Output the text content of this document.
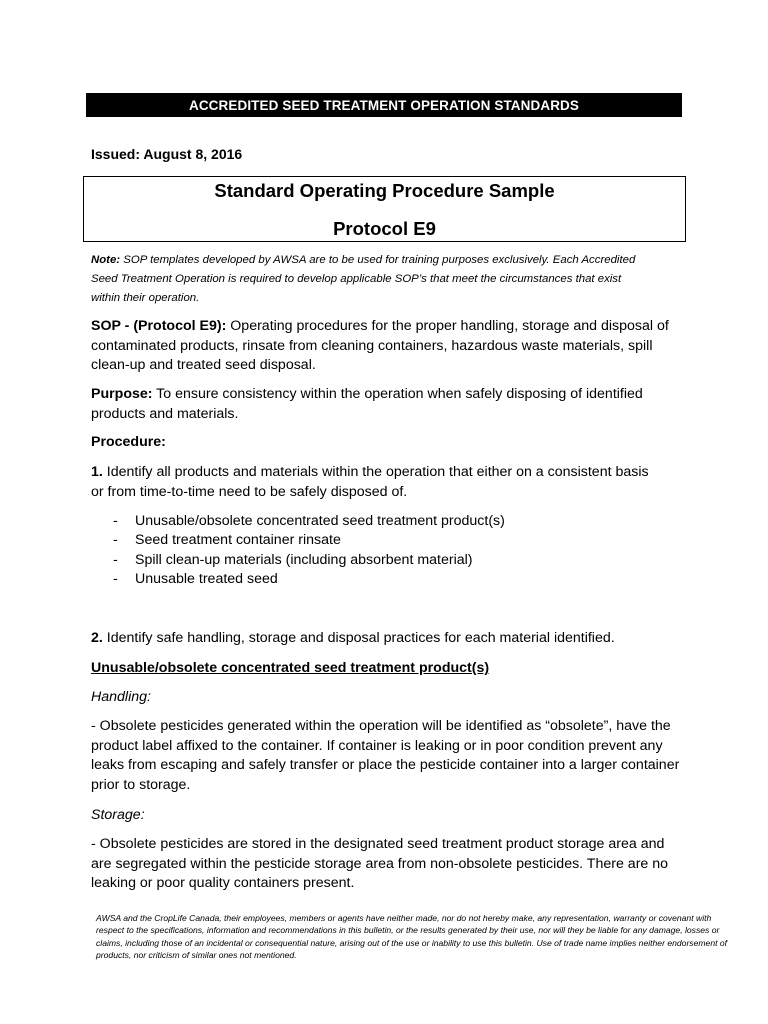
ACCREDITED SEED TREATMENT OPERATION STANDARDS
Issued: August 8, 2016
Standard Operating Procedure Sample
Protocol E9
Note: SOP templates developed by AWSA are to be used for training purposes exclusively. Each Accredited Seed Treatment Operation is required to develop applicable SOP’s that meet the circumstances that exist within their operation.
SOP - (Protocol E9): Operating procedures for the proper handling, storage and disposal of contaminated products, rinsate from cleaning containers, hazardous waste materials, spill clean-up and treated seed disposal.
Purpose: To ensure consistency within the operation when safely disposing of identified products and materials.
Procedure:
1. Identify all products and materials within the operation that either on a consistent basis or from time-to-time need to be safely disposed of.
- Unusable/obsolete concentrated seed treatment product(s)
- Seed treatment container rinsate
- Spill clean-up materials (including absorbent material)
- Unusable treated seed
2. Identify safe handling, storage and disposal practices for each material identified.
Unusable/obsolete concentrated seed treatment product(s)
Handling:
- Obsolete pesticides generated within the operation will be identified as “obsolete”, have the product label affixed to the container. If container is leaking or in poor condition prevent any leaks from escaping and safely transfer or place the pesticide container into a larger container prior to storage.
Storage:
- Obsolete pesticides are stored in the designated seed treatment product storage area and are segregated within the pesticide storage area from non-obsolete pesticides. There are no leaking or poor quality containers present.
AWSA and the CropLife Canada, their employees, members or agents have neither made, nor do not hereby make, any representation, warranty or covenant with respect to the specifications, information and recommendations in this bulletin, or the results generated by their use, nor will they be liable for any damage, losses or claims, including those of an incidental or consequential nature, arising out of the use or inability to use this bulletin. Use of trade name implies neither endorsement of products, nor criticism of similar ones not mentioned.
